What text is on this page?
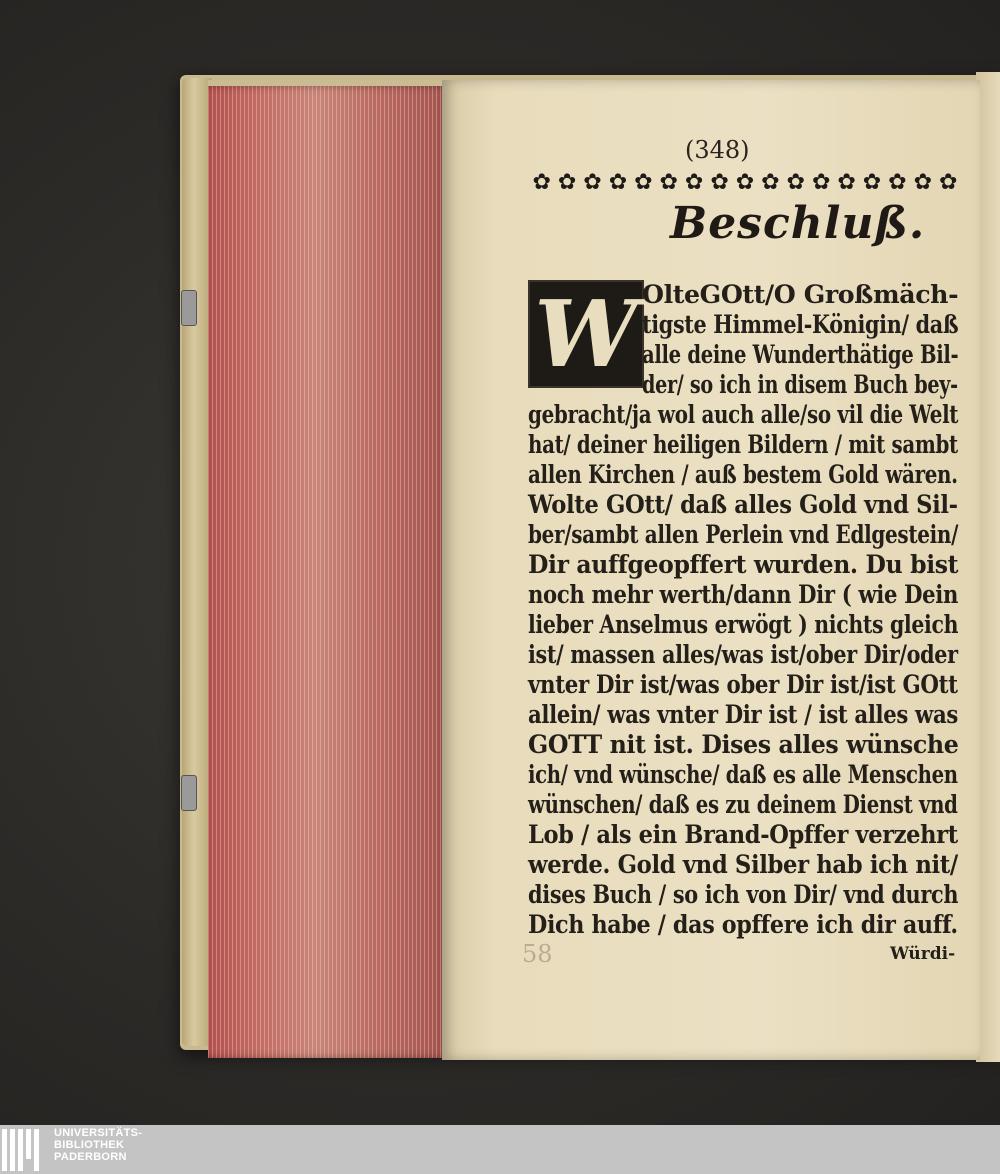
(348)
✿ ✿ ✿ ✿ ✿ ✿ ✿ ✿ ✿ ✿ ✿ ✿ ✿ ✿ ✿ ✿ ✿
Beschluß.
W OlteGOtt/O Großmäch-
tigste Himmel-Königin/ daß
alle deine Wunderthätige Bil-
der/ so ich in disem Buch bey-
gebracht/ja wol auch alle/so vil die Welt
hat/ deiner heiligen Bildern / mit sambt
allen Kirchen / auß bestem Gold wären.
Wolte GOtt/ daß alles Gold vnd Sil-
ber/sambt allen Perlein vnd Edlgestein/
Dir auffgeopffert wurden. Du bist
noch mehr werth/dann Dir ( wie Dein
lieber Anselmus erwögt ) nichts gleich
ist/ massen alles/was ist/ober Dir/oder
vnter Dir ist/was ober Dir ist/ist GOtt
allein/ was vnter Dir ist / ist alles was
GOTT nit ist. Dises alles wünsche
ich/ vnd wünsche/ daß es alle Menschen
wünschen/ daß es zu deinem Dienst vnd
Lob / als ein Brand-Opffer verzehrt
werde. Gold vnd Silber hab ich nit/
dises Buch / so ich von Dir/ vnd durch
Dich habe / das opffere ich dir auff.
Würdi-
58
UNIVERSITÄTS-
BIBLIOTHEK
PADERBORN
